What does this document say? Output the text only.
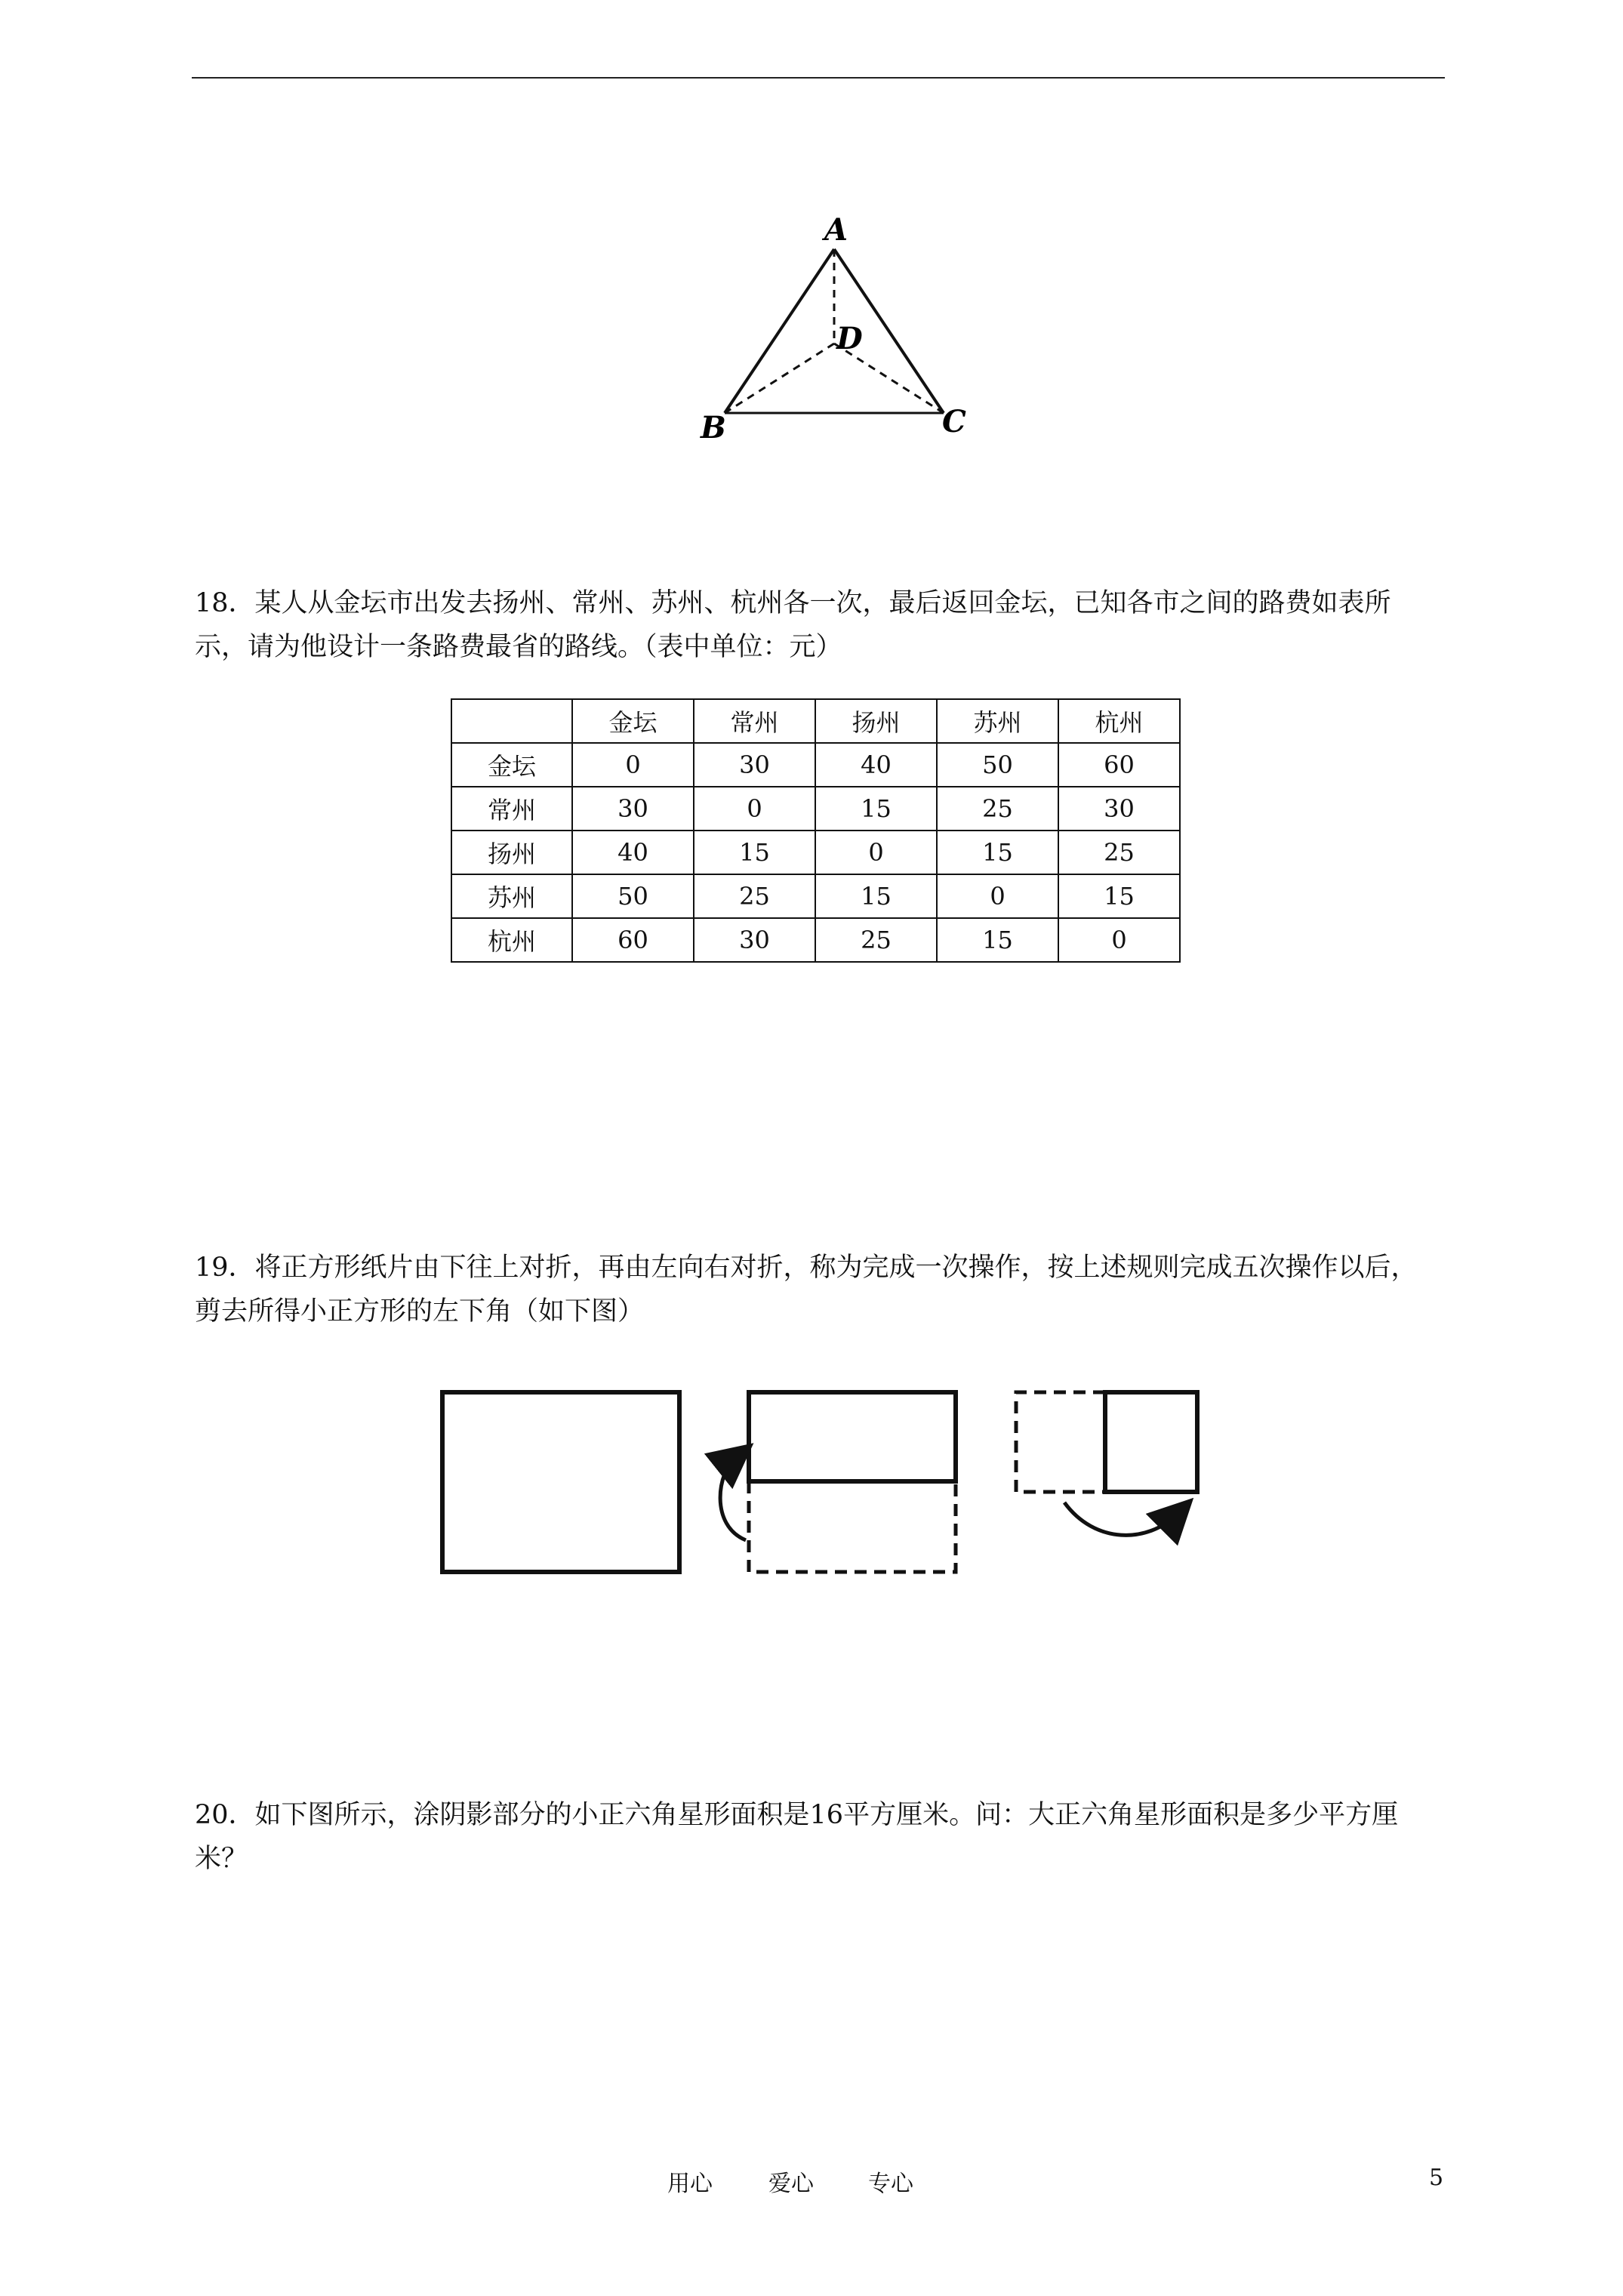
A
B	C
D

18．某人从金坛市出发去扬州、常州、苏州、杭州各一次，最后返回金坛，已知各市之间的路费如表所示，请为他设计一条路费最省的路线。（表中单位：元）

	金坛	常州	扬州	苏州	杭州
金坛	0	30	40	50	60
常州	30	0	15	25	30
扬州	40	15	0	15	25
苏州	50	25	15	0	15
杭州	60	30	25	15	0

19．将正方形纸片由下往上对折，再由左向右对折，称为完成一次操作，按上述规则完成五次操作以后，剪去所得小正方形的左下角（如下图）

20．如下图所示，涂阴影部分的小正六角星形面积是16平方厘米。问：大正六角星形面积是多少平方厘米？

用心 爱心 专心	5
